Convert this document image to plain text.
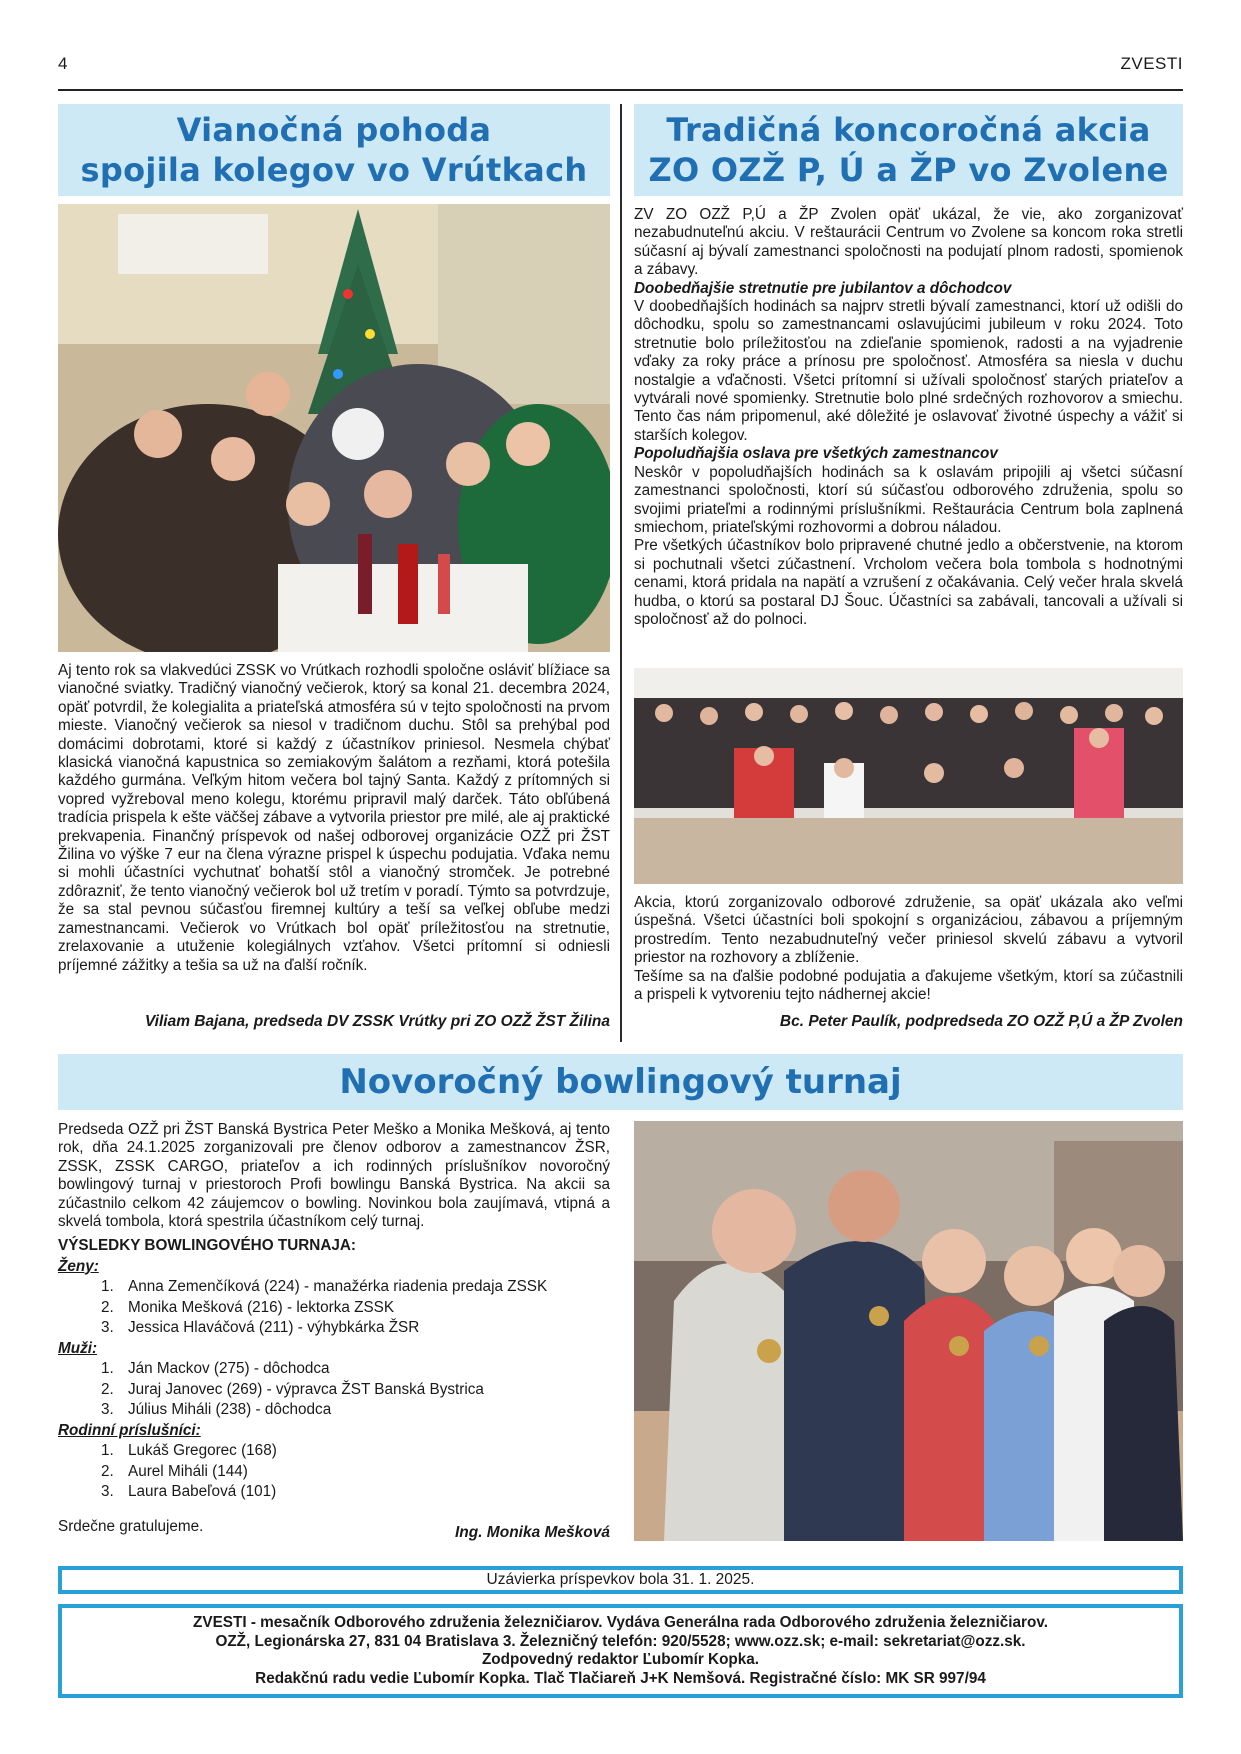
4	ZVESTI
Vianočná pohoda
spojila kolegov vo Vrútkach
Aj tento rok sa vlakvedúci ZSSK vo Vrútkach rozhodli spoločne osláviť blížiace sa vianočné sviatky. Tradičný vianočný večierok, ktorý sa konal 21. decembra 2024, opäť potvrdil, že kolegialita a priateľská atmosféra sú v tejto spoločnosti na prvom mieste. Vianočný večierok sa niesol v tradičnom duchu. Stôl sa prehýbal pod domácimi dobrotami, ktoré si každý z účastníkov priniesol. Nesmela chýbať klasická vianočná kapustnica so zemiakovým šalátom a rezňami, ktorá potešila každého gurmána. Veľkým hitom večera bol tajný Santa. Každý z prítomných si vopred vyžreboval meno kolegu, ktorému pripravil malý darček. Táto obľúbená tradícia prispela k ešte väčšej zábave a vytvorila priestor pre milé, ale aj praktické prekvapenia. Finančný príspevok od našej odborovej organizácie OZŽ pri ŽST Žilina vo výške 7 eur na člena výrazne prispel k úspechu podujatia. Vďaka nemu si mohli účastníci vychutnať bohatší stôl a vianočný stromček. Je potrebné zdôrazniť, že tento vianočný večierok bol už tretím v poradí. Týmto sa potvrdzuje, že sa stal pevnou súčasťou firemnej kultúry a teší sa veľkej obľube medzi zamestnancami. Večierok vo Vrútkach bol opäť príležitosťou na stretnutie, zrelaxovanie a utuženie kolegiálnych vzťahov. Všetci prítomní si odniesli príjemné zážitky a tešia sa už na ďalší ročník.
Viliam Bajana, predseda DV ZSSK Vrútky pri ZO OZŽ ŽST Žilina
Tradičná koncoročná akcia
ZO OZŽ P, Ú a ŽP vo Zvolene

ZV ZO OZŽ P,Ú a ŽP Zvolen opäť ukázal, že vie, ako zorganizovať nezabudnuteľnú akciu. V reštaurácii Centrum vo Zvolene sa koncom roka stretli súčasní aj bývalí zamestnanci spoločnosti na podujatí plnom radosti, spomienok a zábavy.

Doobedňajšie stretnutie pre jubilantov a dôchodcov

V doobedňajších hodinách sa najprv stretli bývalí zamestnanci, ktorí už odišli do dôchodku, spolu so zamestnancami oslavujúcimi jubileum v roku 2024. Toto stretnutie bolo príležitosťou na zdieľanie spomienok, radosti a na vyjadrenie vďaky za roky práce a prínosu pre spoločnosť. Atmosféra sa niesla v duchu nostalgie a vďačnosti. Všetci prítomní si užívali spoločnosť starých priateľov a vytvárali nové spomienky. Stretnutie bolo plné srdečných rozhovorov a smiechu. Tento čas nám pripomenul, aké dôležité je oslavovať životné úspechy a vážiť si starších kolegov.

Popoludňajšia oslava pre všetkých zamestnancov

Neskôr v popoludňajších hodinách sa k oslavám pripojili aj všetci súčasní zamestnanci spoločnosti, ktorí sú súčasťou odborového združenia, spolu so svojimi priateľmi a rodinnými príslušníkmi. Reštaurácia Centrum bola zaplnená smiechom, priateľskými rozhovormi a dobrou náladou.

Pre všetkých účastníkov bolo pripravené chutné jedlo a občerstvenie, na ktorom si pochutnali všetci zúčastnení. Vrcholom večera bola tombola s hodnotnými cenami, ktorá pridala na napätí a vzrušení z očakávania. Celý večer hrala skvelá hudba, o ktorú sa postaral DJ Šouc. Účastníci sa zabávali, tancovali a užívali si spoločnosť až do polnoci.

Akcia, ktorú zorganizovalo odborové združenie, sa opäť ukázala ako veľmi úspešná. Všetci účastníci boli spokojní s organizáciou, zábavou a príjemným prostredím. Tento nezabudnuteľný večer priniesol skvelú zábavu a vytvoril priestor na rozhovory a zblíženie.

Tešíme sa na ďalšie podobné podujatia a ďakujeme všetkým, ktorí sa zúčastnili a prispeli k vytvoreniu tejto nádhernej akcie!

Bc. Peter Paulík, podpredseda ZO OZŽ P,Ú a ŽP Zvolen
Novoročný bowlingový turnaj
Predseda OZŽ pri ŽST Banská Bystrica Peter Meško a Monika Mešková, aj tento rok, dňa 24.1.2025 zorganizovali pre členov odborov a zamestnancov ŽSR, ZSSK, ZSSK CARGO, priateľov a ich rodinných príslušníkov novoročný bowlingový turnaj v priestoroch Profi bowlingu Banská Bystrica. Na akcii sa zúčastnilo celkom 42 záujemcov o bowling. Novinkou bola zaujímavá, vtipná a skvelá tombola, ktorá spestrila účastníkom celý turnaj.
VÝSLEDKY BOWLINGOVÉHO TURNAJA:
Ženy:
1. Anna Zemenčíková (224) - manažérka riadenia predaja ZSSK
2. Monika Mešková (216) - lektorka ZSSK
3. Jessica Hlaváčová (211) - výhybkárka ŽSR
Muži:
1. Ján Mackov (275) - dôchodca
2. Juraj Janovec (269) - výpravca ŽST Banská Bystrica
3. Július Miháli (238) - dôchodca
Rodinní príslušníci:
1. Lukáš Gregorec (168)
2. Aurel Miháli (144)
3. Laura Babeľová (101)
Srdečne gratulujeme.	Ing. Monika Mešková
Uzávierka príspevkov bola 31. 1. 2025.
ZVESTI - mesačník Odborového združenia železničiarov. Vydáva Generálna rada Odborového združenia železničiarov.
OZŽ, Legionárska 27, 831 04 Bratislava 3. Železničný telefón: 920/5528; www.ozz.sk; e-mail: sekretariat@ozz.sk.
Zodpovedný redaktor Ľubomír Kopka.
Redakčnú radu vedie Ľubomír Kopka. Tlač Tlačiareň J+K Nemšová. Registračné číslo: MK SR 997/94
